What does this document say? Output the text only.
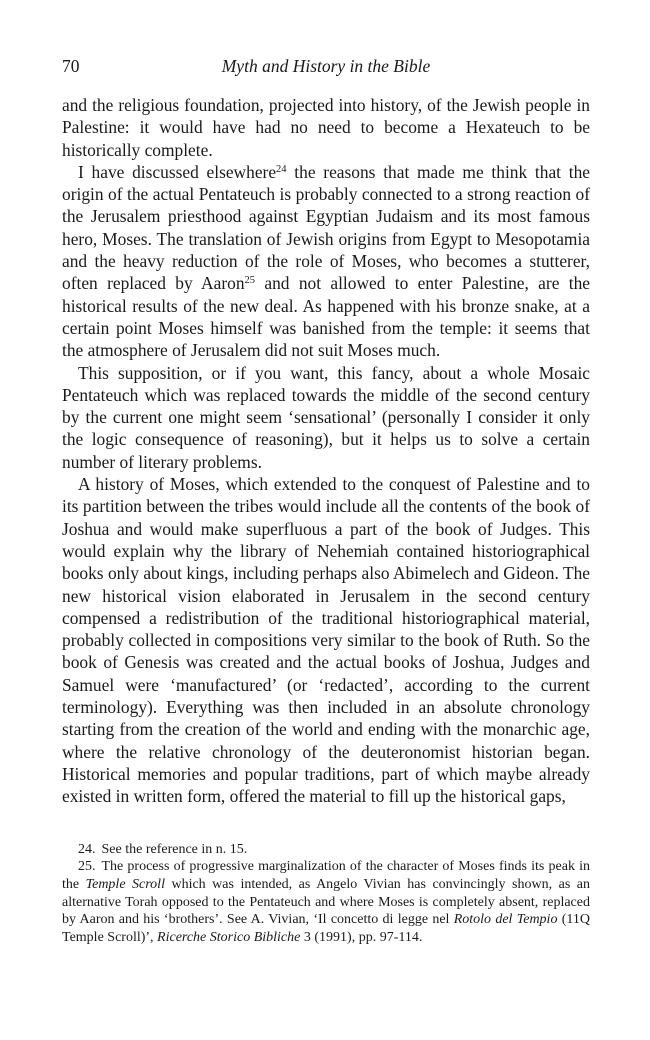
70	Myth and History in the Bible

and the religious foundation, projected into history, of the Jewish people in Palestine: it would have had no need to become a Hexateuch to be historically complete.

I have discussed elsewhere$^{24}$ the reasons that made me think that the origin of the actual Pentateuch is probably connected to a strong reaction of the Jerusalem priesthood against Egyptian Judaism and its most famous hero, Moses. The translation of Jewish origins from Egypt to Mesopotamia and the heavy reduction of the role of Moses, who becomes a stutterer, often replaced by Aaron$^{25}$ and not allowed to enter Palestine, are the historical results of the new deal. As happened with his bronze snake, at a certain point Moses himself was banished from the temple: it seems that the atmosphere of Jerusalem did not suit Moses much.

This supposition, or if you want, this fancy, about a whole Mosaic Pentateuch which was replaced towards the middle of the second century by the current one might seem ‘sensational’ (personally I consider it only the logic consequence of reasoning), but it helps us to solve a certain number of literary problems.

A history of Moses, which extended to the conquest of Palestine and to its partition between the tribes would include all the contents of the book of Joshua and would make superfluous a part of the book of Judges. This would explain why the library of Nehemiah contained historiographical books only about kings, including perhaps also Abimelech and Gideon. The new historical vision elaborated in Jerusalem in the second century compensed a redistribution of the traditional historiographical material, probably collected in compositions very similar to the book of Ruth. So the book of Genesis was created and the actual books of Joshua, Judges and Samuel were ‘manufactured’ (or ‘redacted’, according to the current terminology). Everything was then included in an absolute chronology starting from the creation of the world and ending with the monarchic age, where the relative chronology of the deuteronomist historian began. Historical memories and popular traditions, part of which maybe already existed in written form, offered the material to fill up the historical gaps,

24. See the reference in n. 15.

25. The process of progressive marginalization of the character of Moses finds its peak in the Temple Scroll which was intended, as Angelo Vivian has convincingly shown, as an alternative Torah opposed to the Pentateuch and where Moses is completely absent, replaced by Aaron and his ‘brothers’. See A. Vivian, ‘Il concetto di legge nel Rotolo del Tempio (11Q Temple Scroll)’, Ricerche Storico Bibliche 3 (1991), pp. 97-114.
